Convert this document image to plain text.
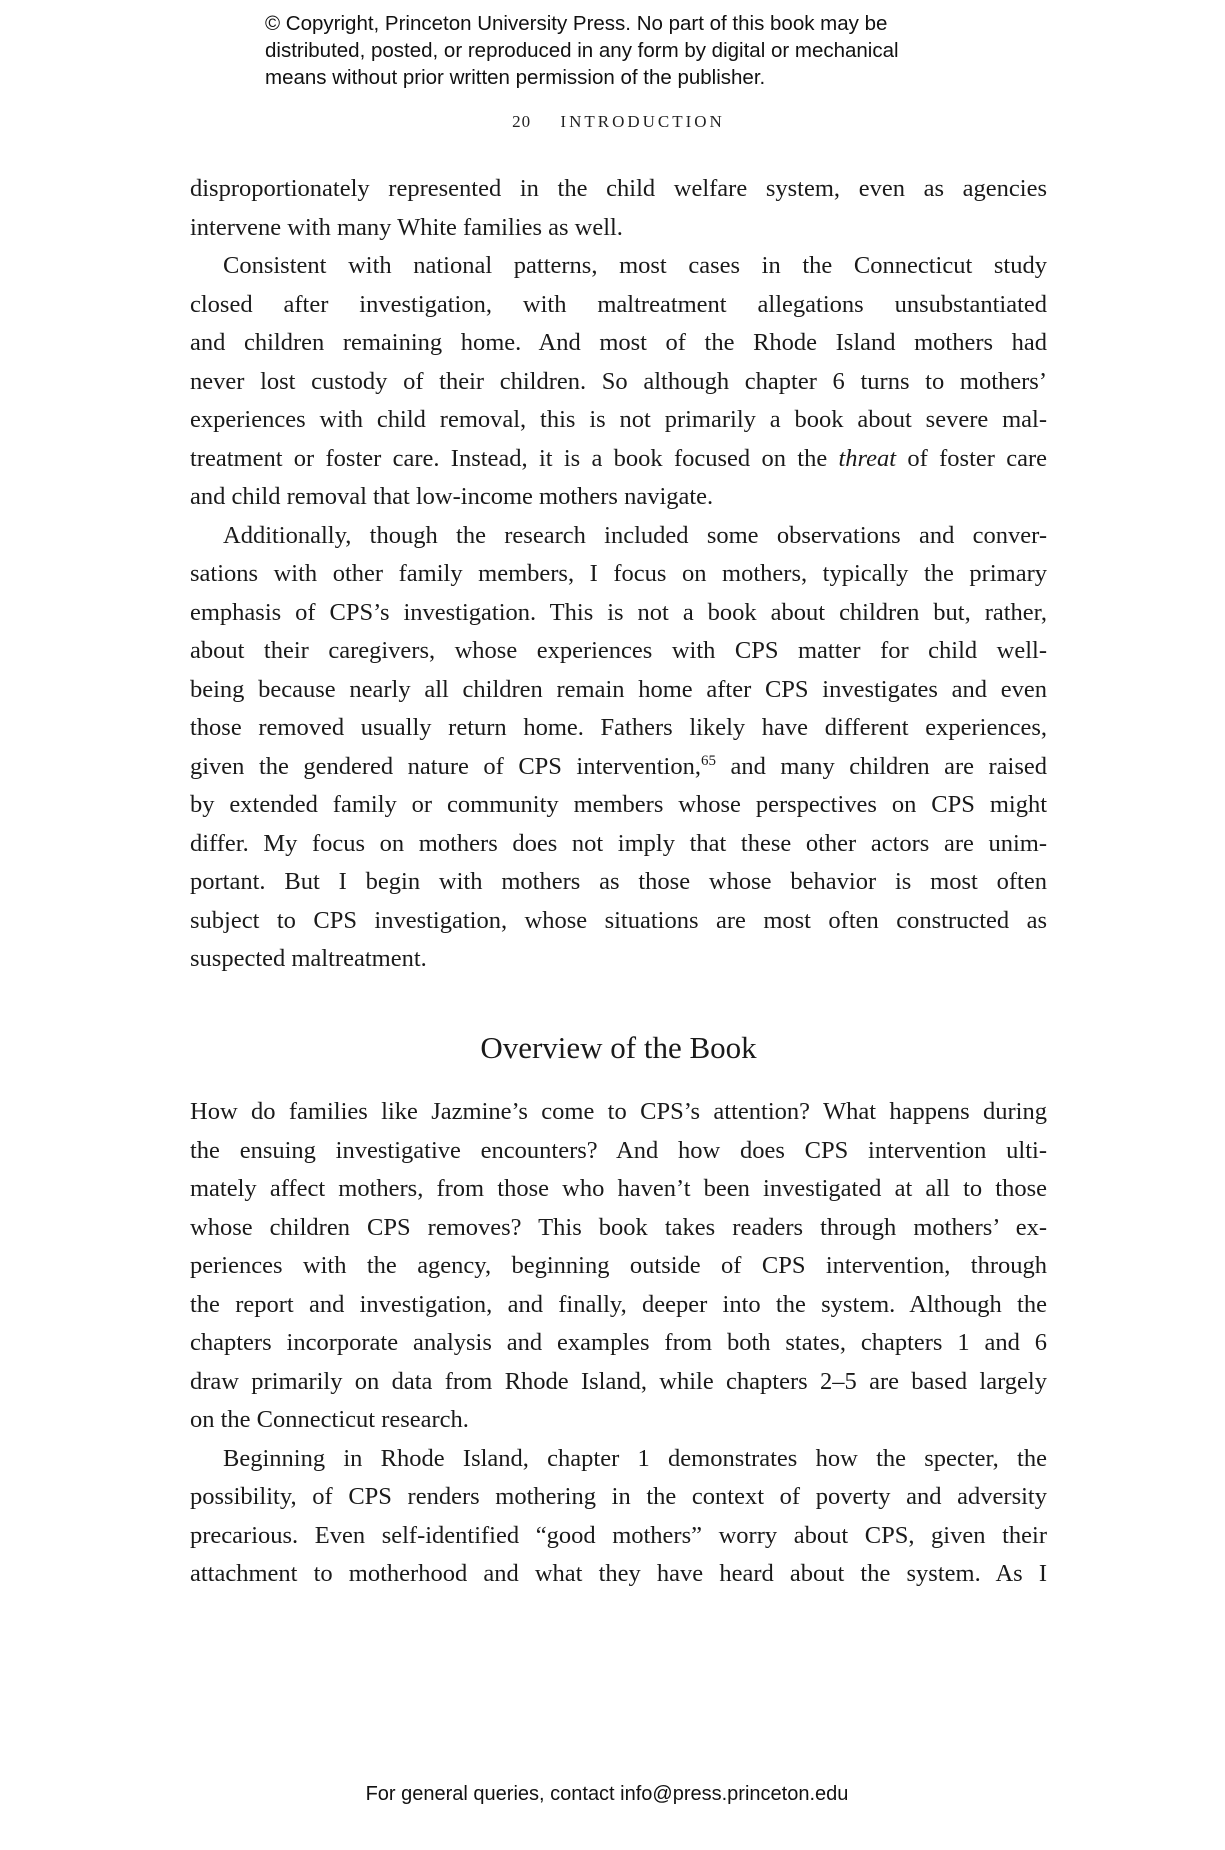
© Copyright, Princeton University Press. No part of this book may be
distributed, posted, or reproduced in any form by digital or mechanical
means without prior written permission of the publisher.
20 INTRODUCTION
disproportionately represented in the child welfare system, even as agencies
intervene with many White families as well.
Consistent with national patterns, most cases in the Connecticut study
closed after investigation, with maltreatment allegations unsubstantiated
and children remaining home. And most of the Rhode Island mothers had
never lost custody of their children. So although chapter 6 turns to mothers’
experiences with child removal, this is not primarily a book about severe mal-
treatment or foster care. Instead, it is a book focused on the threat of foster care
and child removal that low-income mothers navigate.
Additionally, though the research included some observations and conver-
sations with other family members, I focus on mothers, typically the primary
emphasis of CPS’s investigation. This is not a book about children but, rather,
about their caregivers, whose experiences with CPS matter for child well-
being because nearly all children remain home after CPS investigates and even
those removed usually return home. Fathers likely have different experiences,
given the gendered nature of CPS intervention,$^{65}$ and many children are raised
by extended family or community members whose perspectives on CPS might
differ. My focus on mothers does not imply that these other actors are unim-
portant. But I begin with mothers as those whose behavior is most often
subject to CPS investigation, whose situations are most often constructed as
suspected maltreatment.
Overview of the Book
How do families like Jazmine’s come to CPS’s attention? What happens during
the ensuing investigative encounters? And how does CPS intervention ulti-
mately affect mothers, from those who haven’t been investigated at all to those
whose children CPS removes? This book takes readers through mothers’ ex-
periences with the agency, beginning outside of CPS intervention, through
the report and investigation, and finally, deeper into the system. Although the
chapters incorporate analysis and examples from both states, chapters 1 and 6
draw primarily on data from Rhode Island, while chapters 2–5 are based largely
on the Connecticut research.
Beginning in Rhode Island, chapter 1 demonstrates how the specter, the
possibility, of CPS renders mothering in the context of poverty and adversity
precarious. Even self-identified “good mothers” worry about CPS, given their
attachment to motherhood and what they have heard about the system. As I
For general queries, contact info@press.princeton.edu
